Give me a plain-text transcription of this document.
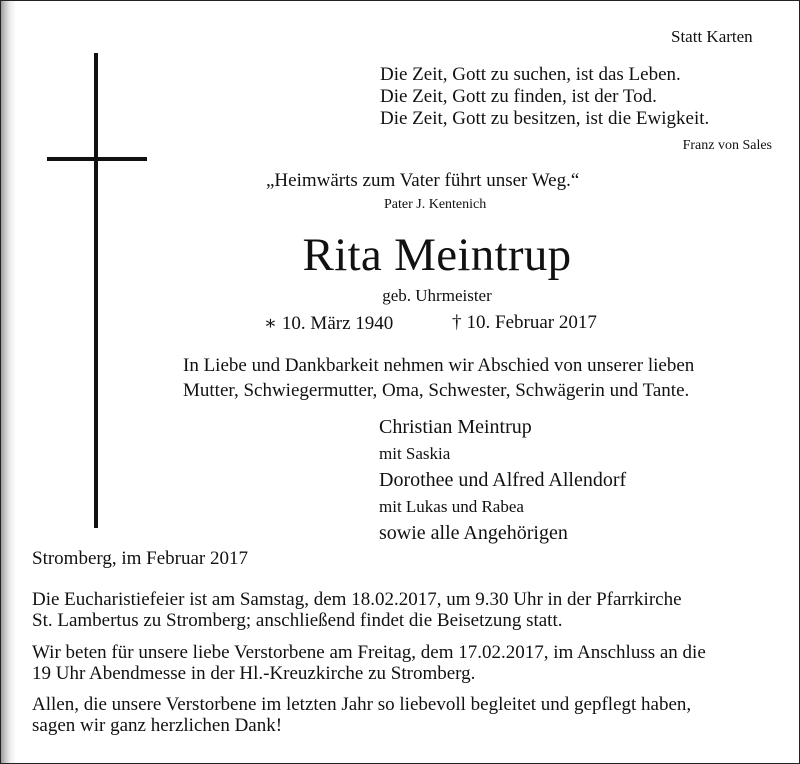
Statt Karten
Die Zeit, Gott zu suchen, ist das Leben.
Die Zeit, Gott zu finden, ist der Tod.
Die Zeit, Gott zu besitzen, ist die Ewigkeit.
Franz von Sales
„Heimwärts zum Vater führt unser Weg.“
Pater J. Kentenich
Rita Meintrup
geb. Uhrmeister
∗ 10. März 1940	† 10. Februar 2017
In Liebe und Dankbarkeit nehmen wir Abschied von unserer lieben
Mutter, Schwiegermutter, Oma, Schwester, Schwägerin und Tante.
Christian Meintrup
mit Saskia
Dorothee und Alfred Allendorf
mit Lukas und Rabea
sowie alle Angehörigen
Stromberg, im Februar 2017
Die Eucharistiefeier ist am Samstag, dem 18.02.2017, um 9.30 Uhr in der Pfarrkirche
St. Lambertus zu Stromberg; anschließend findet die Beisetzung statt.
Wir beten für unsere liebe Verstorbene am Freitag, dem 17.02.2017, im Anschluss an die
19 Uhr Abendmesse in der Hl.-Kreuzkirche zu Stromberg.
Allen, die unsere Verstorbene im letzten Jahr so liebevoll begleitet und gepflegt haben,
sagen wir ganz herzlichen Dank!
